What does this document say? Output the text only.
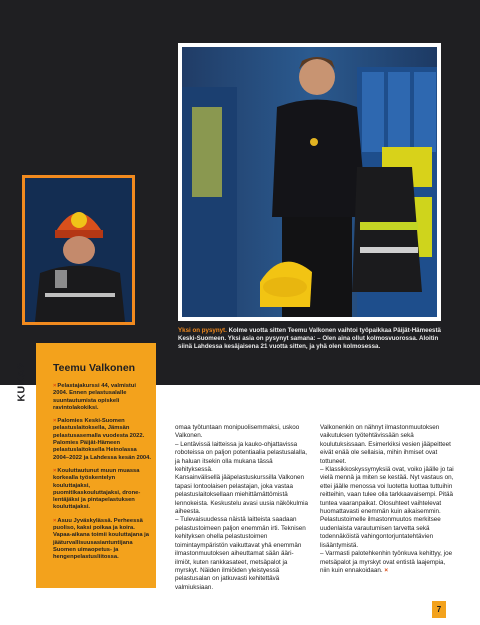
Yksi on pysynyt. Kolme vuotta sitten Teemu Valkonen vaihtoi työpaikkaa Päijät-Hämeestä Keski-Suomeen. Yksi asia on pysynyt samana: – Olen aina ollut kolmosvuorossa. Aloitin siinä Lahdessa kesäjaisena 21 vuotta sitten, ja yhä olen kolmosessa.
KUKA? Teemu Valkonen
×Pelastajakurssi 44, valmistui 2004. Ennen pelastusalalle suuntautumista opiskeli ravintolakokiksi.
×Palomies Keski-Suomen pelastuslaitoksella, Jämsän pelastusasemalla vuodesta 2022. Palomies Päijät-Hämeen pelastuslaitoksella Heinolassa 2004–2022 ja Lahdessa kesän 2004.
×Kouluttautunut muun muassa korkealla työskentelyn kouluttajaksi, puomitikaskouluttajaksi, drone-lentäjäksi ja pintapelastuksen kouluttajaksi.
×Asuu Jyväskylässä. Perheessä puoliso, kaksi poikaa ja koira. Vapaa-aikana toimii kouluttajana ja jääturvallisuusasiantuntijana Suomen uimaopetus- ja hengenpelastusliitossa.

omaa työtuntaan monipuolisemmaksi, uskoo Valkonen.

– Lentävissä laitteissa ja kauko-ohjattavissa roboteissa on paljon potentiaalia pelastusalalla, ja haluan itsekin olla mukana tässä kehityksessä.

Kansainvälisellä jääpelastuskurssilla Valkonen tapasi lontoolaisen pelastajan, joka vastaa pelastuslaitoksellaan miehittämättömistä lennokeista. Keskustelu avasi uusia näkökulmia aiheesta.

– Tulevaisuudessa näistä laitteista saadaan pelastustoimeen paljon enemmän irti. Teknisen kehityksen ohella pelastustoimen toimintaympäristön vaikuttavat yhä enemmän ilmastonmuutoksen aiheuttamat sään ääri-ilmiöt, kuten rankkasateet, metsäpalot ja myrskyt. Näiden ilmiöiden yleistyessä pelastusalan on jatkuvasti kehitettävä valmiuksiaan.

Valkonenkin on nähnyt ilmastonmuutoksen vaikutuksen työtehtävissään sekä koulutuksissaan. Esimerkiksi vesien jääpeitteet eivät enää ole sellaisia, mihin ihmiset ovat tottuneet.

– Klassikkoskyssymyksiä ovat, voiko jäälle jo tai vielä mennä ja miten se kestää. Nyt vastaus on, ettei jäälle menossa voi luotetta luottaa tuttuihin reitteihin, vaan tulee olla tarkkaavaisempi. Pitää tuntea vaaranpaikat. Olosuhteet vaihtelevat huomattavasti enemmän kuin aikaisemmin.

Pelastustoimelle ilmastonmuutos merkitsee uudenlaista varautumisen tarvetta sekä todennäköistä vahingontorjuntatehtävien lisääntymistä.

– Varmasti palotehkenhin työnkuva kehittyy, joe metsäpalot ja myrskyt ovat entistä laajempia, niin kuin ennakoidaan. ×

7
